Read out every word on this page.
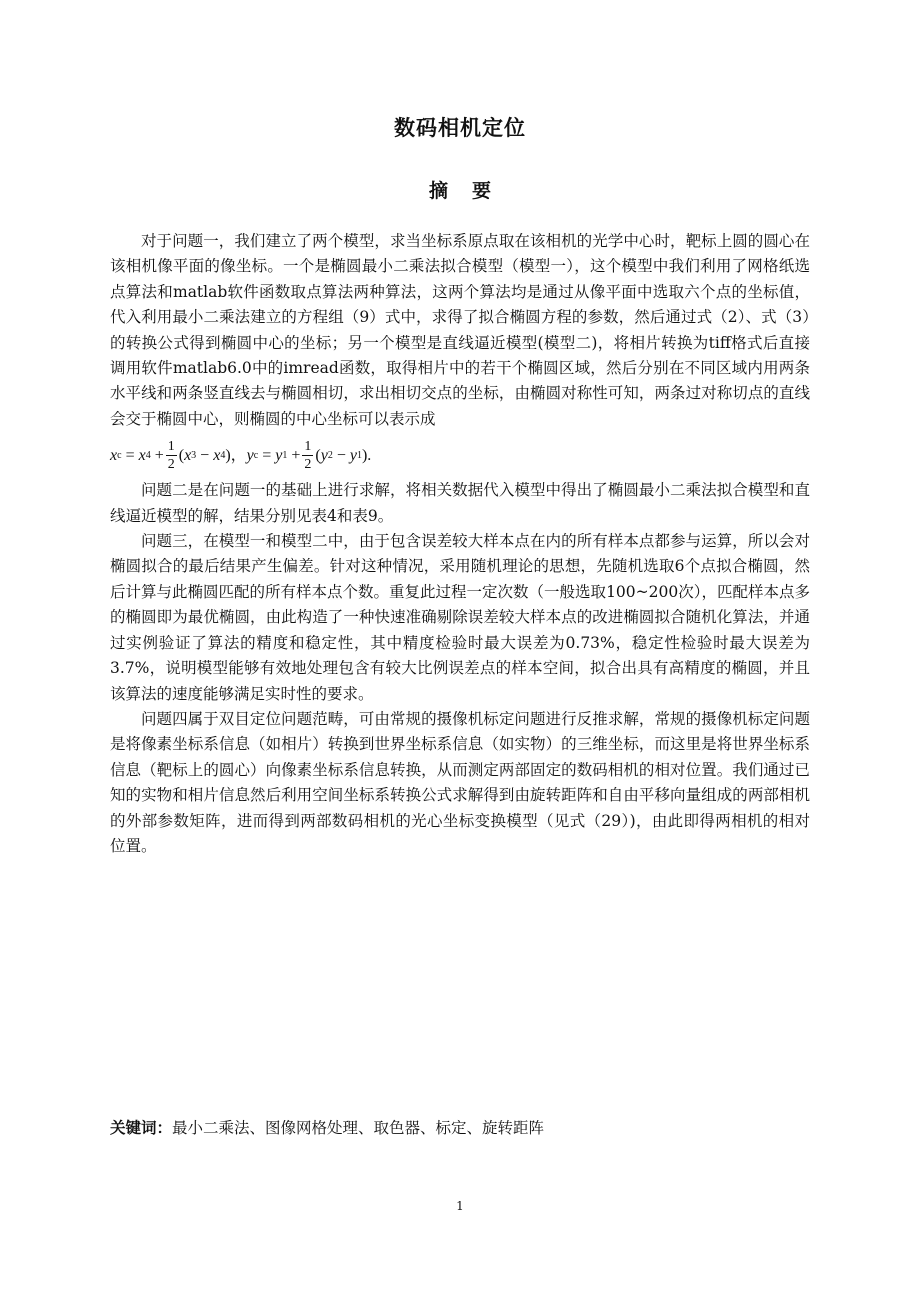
数码相机定位
摘 要

对于问题一，我们建立了两个模型，求当坐标系原点取在该相机的光学中心时，靶标上圆的圆心在该相机像平面的像坐标。一个是椭圆最小二乘法拟合模型（模型一），这个模型中我们利用了网格纸选点算法和matlab软件函数取点算法两种算法，这两个算法均是通过从像平面中选取六个点的坐标值，代入利用最小二乘法建立的方程组（9）式中，求得了拟合椭圆方程的参数，然后通过式（2）、式（3）的转换公式得到椭圆中心的坐标；另一个模型是直线逼近模型(模型二)，将相片转换为tiff格式后直接调用软件matlab6.0中的imread函数，取得相片中的若干个椭圆区域，然后分别在不同区域内用两条水平线和两条竖直线去与椭圆相切，求出相切交点的坐标，由椭圆对称性可知，两条过对称切点的直线会交于椭圆中心，则椭圆的中心坐标可以表示成

x c
=
x 4
+ $\frac{1}{2}$ ( x 3
−
x 4 ) ， y c
=
y 1
+ $\frac{1}{2}$ ( y 2
−
y 1 ) .

问题二是在问题一的基础上进行求解，将相关数据代入模型中得出了椭圆最小二乘法拟合模型和直线逼近模型的解，结果分别见表4和表9。

问题三，在模型一和模型二中，由于包含误差较大样本点在内的所有样本点都参与运算，所以会对椭圆拟合的最后结果产生偏差。针对这种情况，采用随机理论的思想，先随机选取6个点拟合椭圆，然后计算与此椭圆匹配的所有样本点个数。重复此过程一定次数（一般选取100~200次），匹配样本点多的椭圆即为最优椭圆，由此构造了一种快速准确剔除误差较大样本点的改进椭圆拟合随机化算法，并通过实例验证了算法的精度和稳定性，其中精度检验时最大误差为0.73%，稳定性检验时最大误差为3.7%，说明模型能够有效地处理包含有较大比例误差点的样本空间，拟合出具有高精度的椭圆，并且该算法的速度能够满足实时性的要求。

问题四属于双目定位问题范畴，可由常规的摄像机标定问题进行反推求解，常规的摄像机标定问题是将像素坐标系信息（如相片）转换到世界坐标系信息（如实物）的三维坐标，而这里是将世界坐标系信息（靶标上的圆心）向像素坐标系信息转换，从而测定两部固定的数码相机的相对位置。我们通过已知的实物和相片信息然后利用空间坐标系转换公式求解得到由旋转距阵和自由平移向量组成的两部相机的外部参数矩阵，进而得到两部数码相机的光心坐标变换模型（见式（29）)，由此即得两相机的相对位置。

关键词：最小二乘法、图像网格处理、取色器、标定、旋转距阵

1
